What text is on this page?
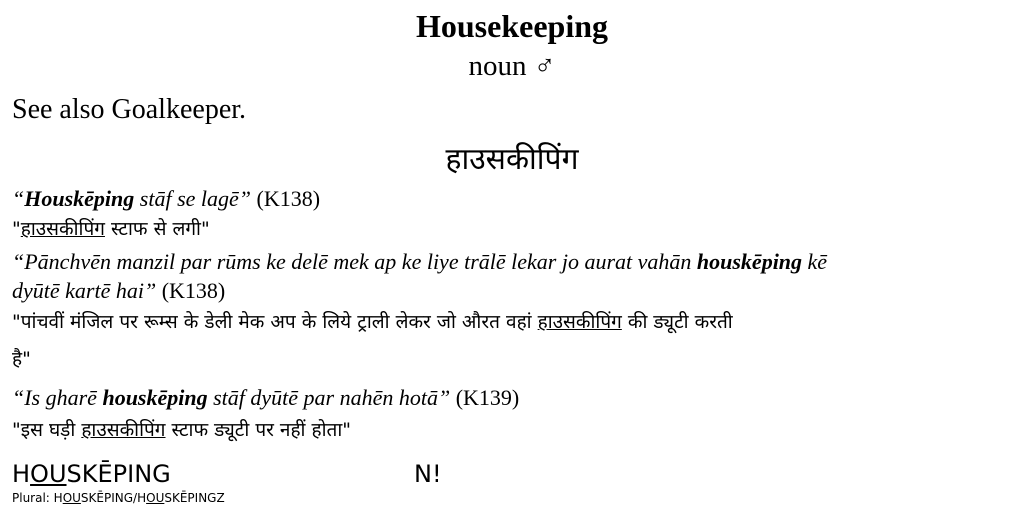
Housekeeping
noun ♂
See also Goalkeeper.
हाउसकीपिंग
“Houskēping stāf se lagē” (K138)
"हाउसकीपिंग स्टाफ से लगी"
“Pānchvēn manzil par rūms ke delē mek ap ke liye trālē lekar jo aurat vahān houskēping kē
dyūtē kartē hai” (K138)
"पांचवीं मंजिल पर रूम्स के डेली मेक अप के लिये ट्राली लेकर जो औरत वहां हाउसकीपिंग की ड्यूटी करती
है"
“Is gharē houskēping stāf dyūtē par nahēn hotā” (K139)
"इस घड़ी हाउसकीपिंग स्टाफ ड्यूटी पर नहीं होता"
HOUSKĒPING	N!
Plural: HOUSKĒPING/HOUSKĒPINGZ
